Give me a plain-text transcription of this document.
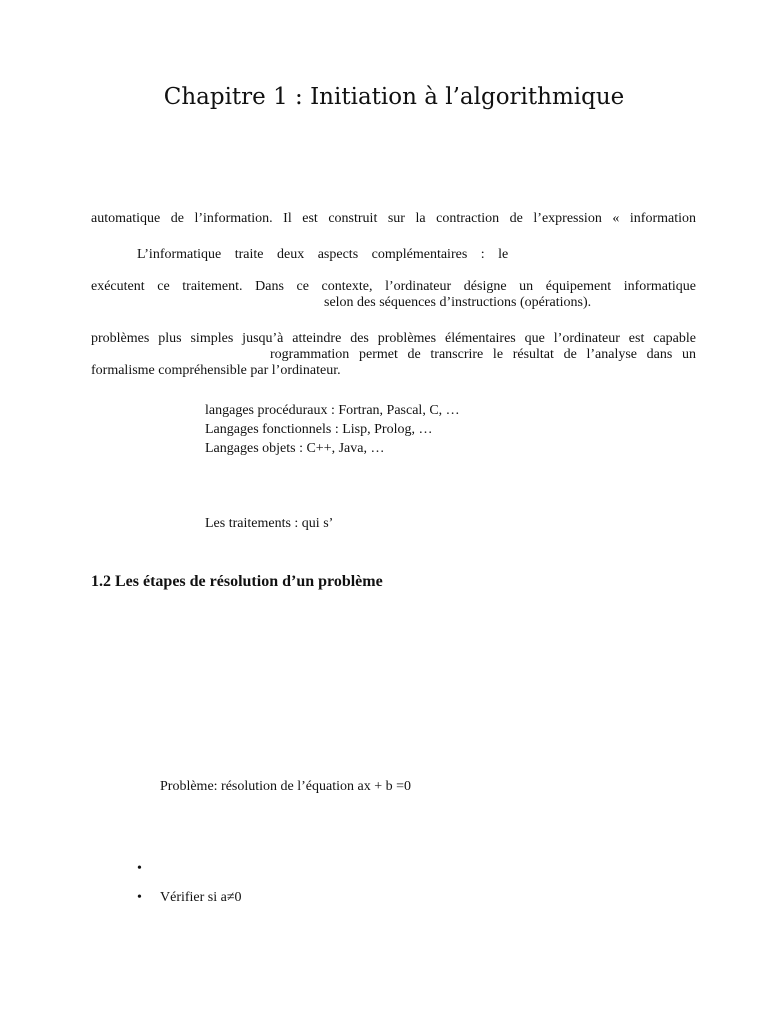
Chapitre 1 : Initiation à l’algorithmique
automatique de l’information. Il est construit sur la contraction de l’expression « information
L’informatique traite deux aspects complémentaires : le
exécutent ce traitement. Dans ce contexte, l’ordinateur désigne un équipement informatique
selon des séquences d’instructions (opérations).
problèmes plus simples jusqu’à atteindre des problèmes élémentaires que l’ordinateur est capable
rogrammation permet de transcrire le résultat de l’analyse dans un
formalisme compréhensible par l’ordinateur.
langages procéduraux : Fortran, Pascal, C, …
Langages fonctionnels : Lisp, Prolog, …
Langages objets : C++, Java, …
Les traitements : qui s’
1.2 Les étapes de résolution d’un problème
Problème: résolution de l’équation ax + b =0
•
• Vérifier si a≠0
